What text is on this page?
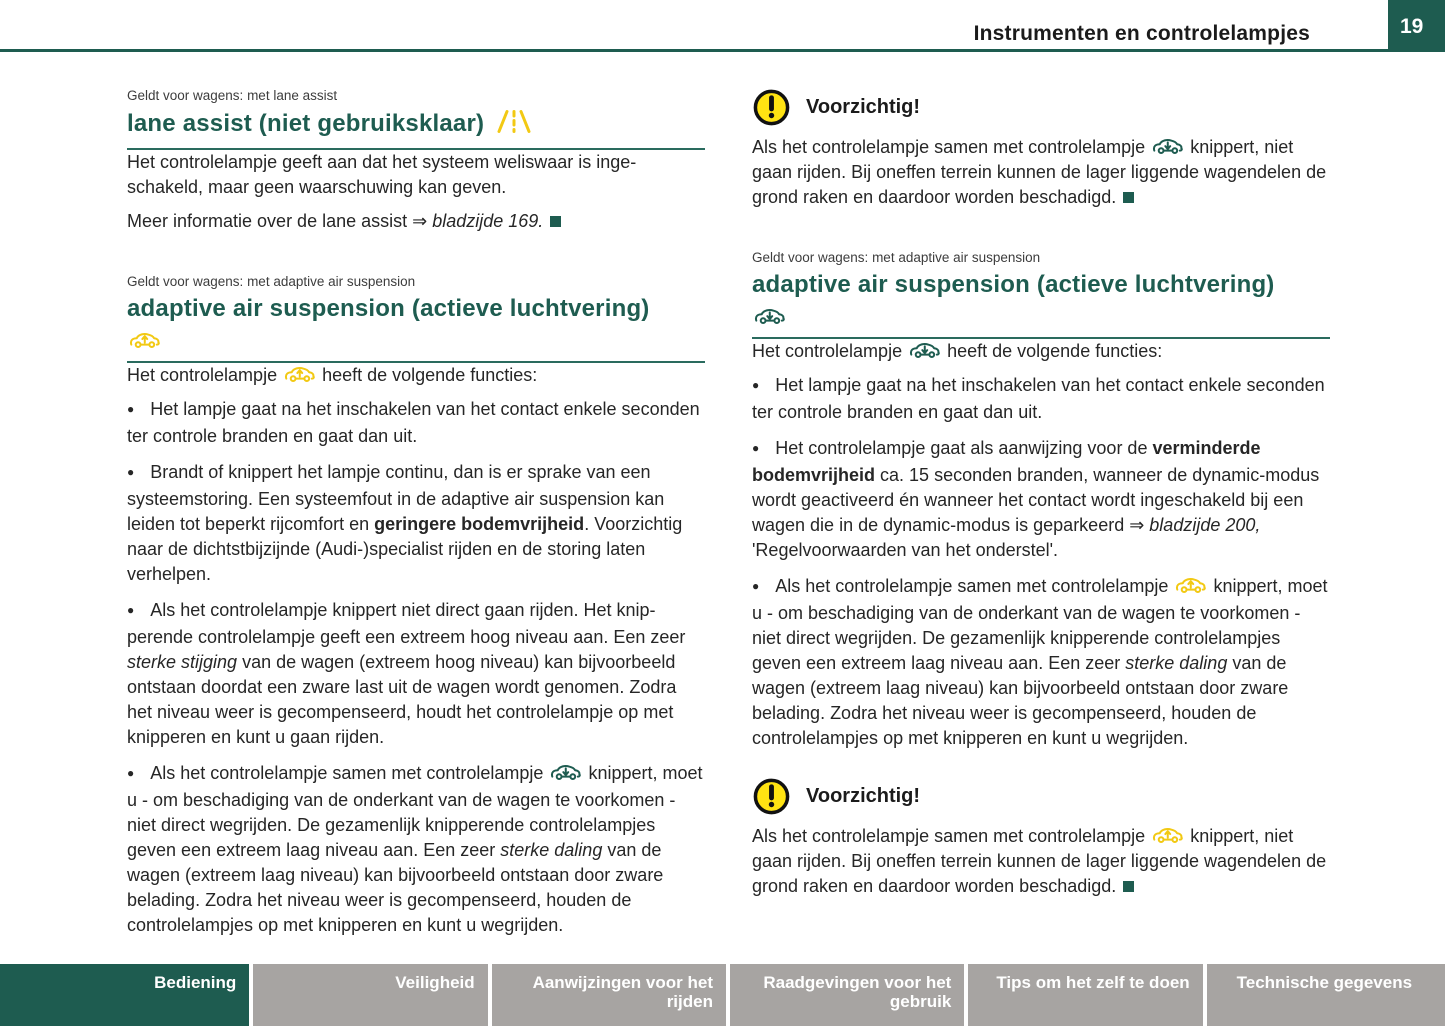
Instrumenten en controlelampjes	19

Geldt voor wagens: met lane assist

lane assist (niet gebruiksklaar)

Het controlelampje geeft aan dat het systeem weliswaar is ingeschakeld, maar geen waarschuwing kan geven.

Meer informatie over de lane assist ⇒ bladzijde 169.

Geldt voor wagens: met adaptive air suspension

adaptive air suspension (actieve luchtvering)

Het controlelampje  heeft de volgende functies:

● Het lampje gaat na het inschakelen van het contact enkele seconden ter controle branden en gaat dan uit.

● Brandt of knippert het lampje continu, dan is er sprake van een systeemstoring. Een systeemfout in de adaptive air suspension kan leiden tot beperkt rijcomfort en geringere bodemvrijheid. Voorzichtig naar de dichtstbijzijnde (Audi-)specialist rijden en de storing laten verhelpen.

● Als het controlelampje knippert niet direct gaan rijden. Het knipperende controlelampje geeft een extreem hoog niveau aan. Een zeer sterke stijging van de wagen (extreem hoog niveau) kan bijvoorbeeld ontstaan doordat een zware last uit de wagen wordt genomen. Zodra het niveau weer is gecompenseerd, houdt het controlelampje op met knipperen en kunt u gaan rijden.

● Als het controlelampje samen met controlelampje  knippert, moet u - om beschadiging van de onderkant van de wagen te voorkomen - niet direct wegrijden. De gezamenlijk knipperende controlelampjes geven een extreem laag niveau aan. Een zeer sterke daling van de wagen (extreem laag niveau) kan bijvoorbeeld ontstaan door zware belading. Zodra het niveau weer is gecompenseerd, houden de controlelampjes op met knipperen en kunt u wegrijden.

Voorzichtig!

Als het controlelampje samen met controlelampje  knippert, niet gaan rijden. Bij oneffen terrein kunnen de lager liggende wagendelen de grond raken en daardoor worden beschadigd.

Geldt voor wagens: met adaptive air suspension

adaptive air suspension (actieve luchtvering)

Het controlelampje  heeft de volgende functies:

● Het lampje gaat na het inschakelen van het contact enkele seconden ter controle branden en gaat dan uit.

● Het controlelampje gaat als aanwijzing voor de verminderde bodemvrijheid ca. 15 seconden branden, wanneer de dynamic-modus wordt geactiveerd én wanneer het contact wordt ingeschakeld bij een wagen die in de dynamic-modus is geparkeerd ⇒ bladzijde 200, 'Regelvoorwaarden van het onderstel'.

● Als het controlelampje samen met controlelampje  knippert, moet u - om beschadiging van de onderkant van de wagen te voorkomen - niet direct wegrijden. De gezamenlijk knipperende controlelampjes geven een extreem laag niveau aan. Een zeer sterke daling van de wagen (extreem laag niveau) kan bijvoorbeeld ontstaan door zware belading. Zodra het niveau weer is gecompenseerd, houden de controlelampjes op met knipperen en kunt u wegrijden.

Voorzichtig!

Als het controlelampje samen met controlelampje  knippert, niet gaan rijden. Bij oneffen terrein kunnen de lager liggende wagendelen de grond raken en daardoor worden beschadigd.

Bediening	Veiligheid	Aanwijzingen voor het rijden
Raadgevingen voor het gebruik
Tips om het zelf te doen	Technische gegevens
